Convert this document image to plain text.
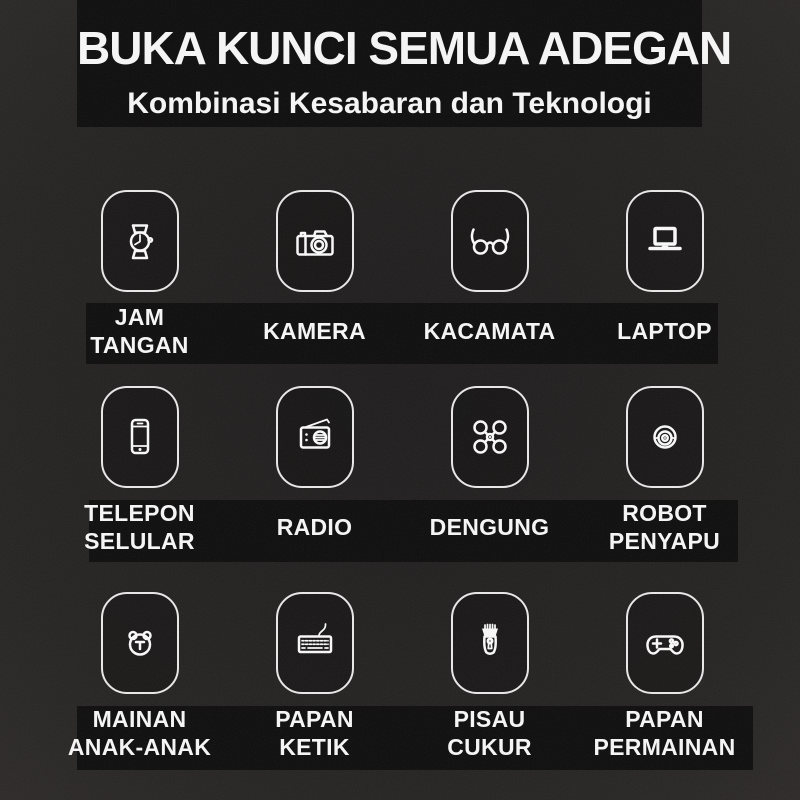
BUKA KUNCI SEMUA ADEGAN
Kombinasi Kesabaran dan Teknologi
JAM
TANGAN
KAMERA	KACAMATA	LAPTOP
TELEPON
SELULAR
RADIO	DENGUNG
ROBOT
PENYAPU
MAINAN
ANAK-ANAK
PAPAN
KETIK
PISAU
CUKUR
PAPAN
PERMAINAN
